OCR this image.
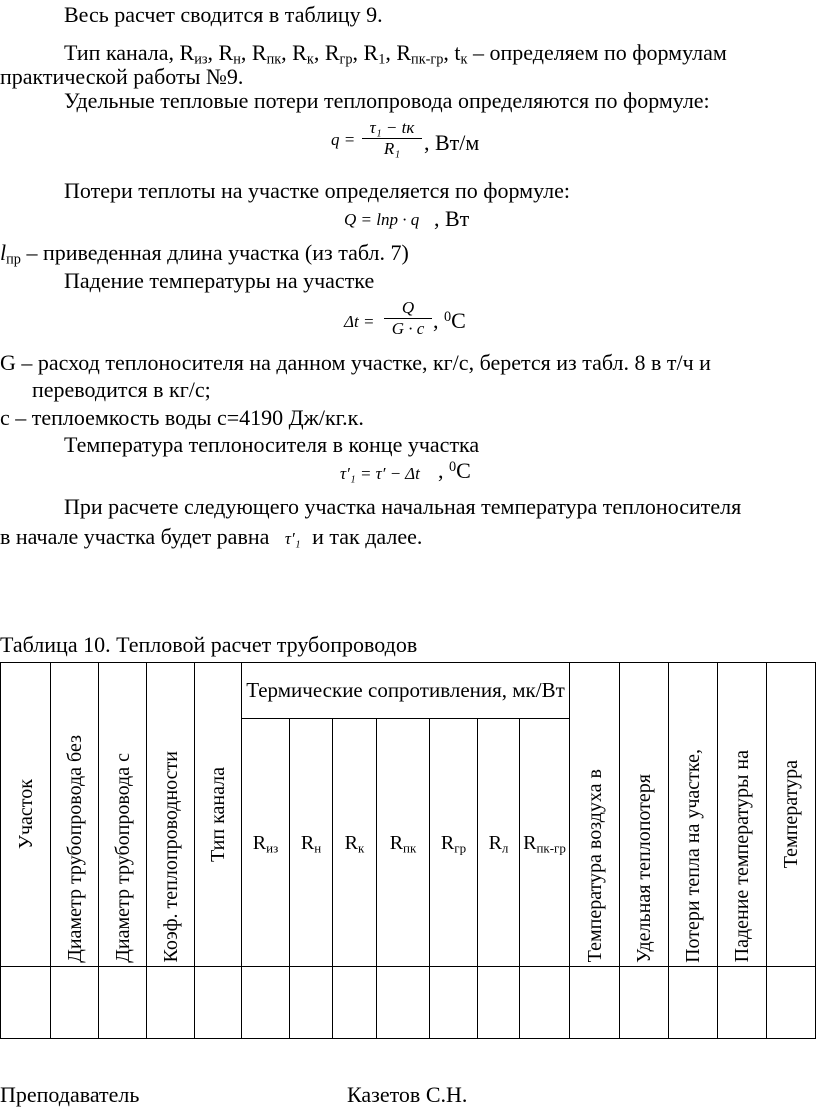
Весь расчет сводится в таблицу 9.
Тип канала, $R_{из}$, $R_н$, $R_{пк}$, $R_к$, $R_{гр}$, $R_1$, $R_{пк-гр}$, $t_к$ – определяем по формулам
практической работы №9.
Удельные тепловые потери теплопровода определяются по формуле:
q =
τ₁ − tк
R₁	, Вт/м
Потери теплоты на участке определяется по формуле:
Q = lпр · q , Вт
$l_{пр}$ – приведенная длина участка (из табл. 7)
Падение температуры на участке
Δt =
Q
G · c , $^0$С
G – расход теплоносителя на данном участке, кг/с, берется из табл. 8 в т/ч и
переводится в кг/с;
с – теплоемкость воды с=4190 Дж/кг.к.
Температура теплоносителя в конце участка
τ′₁ = τ′ − Δt , $^0$С
При расчете следующего участка начальная температура теплоносителя
в начале участка будет равна τ′₁ и так далее.
Таблица 10. Тепловой расчет трубопроводов
Участок	Диаметр трубопровода без	Диаметр трубопровода с	Коэф. теплопроводности	Тип канала	Термические сопротивления, мк/Вт							Температура воздуха в	Удельная теплопотеря	Потери тепла на участке,	Падение температуры на	Температура

					$R_{из}$	$R_н$	$R_к$	$R_{пк}$	$R_{гр}$	$R_л$	$R_{пк-гр}$

Преподаватель	Казетов С.Н.
